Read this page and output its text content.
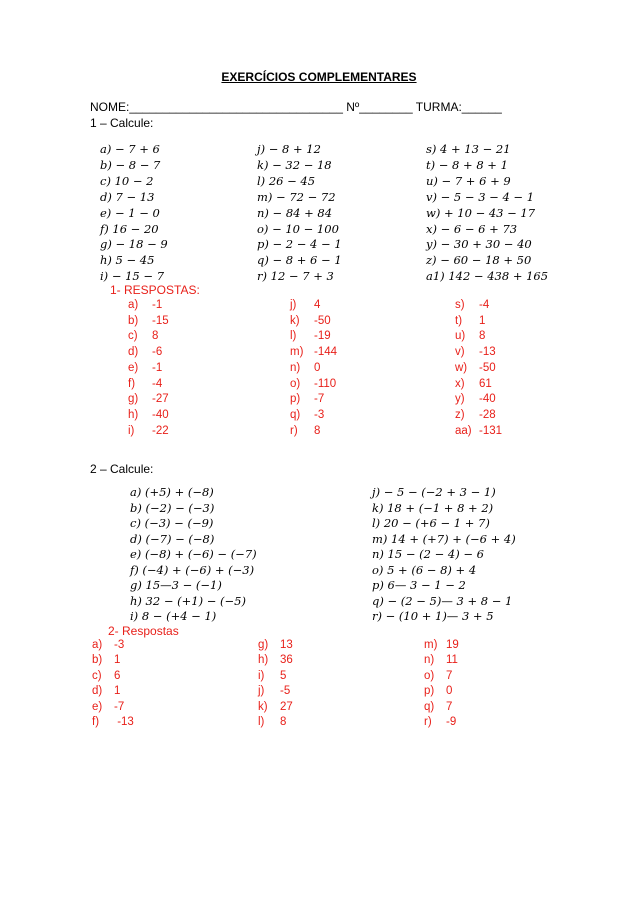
EXERCÍCIOS COMPLEMENTARES
NOME:________________________________ Nº________ TURMA:______
1 – Calcule:
𝑎) − 7 + 6
𝑏) − 8 − 7
𝑐) 10 − 2
𝑑) 7 − 13
𝑒) − 1 − 0
𝑓) 16 − 20
𝑔) − 18 − 9
ℎ) 5 − 45
𝑖) − 15 − 7
𝑗) − 8 + 12
𝑘) − 32 − 18
𝑙) 26 − 45
𝑚) − 72 − 72
𝑛) − 84 + 84
𝑜) − 10 − 100
𝑝) − 2 − 4 − 1
𝑞) − 8 + 6 − 1
𝑟) 12 − 7 + 3
𝑠) 4 + 13 − 21
𝑡) − 8 + 8 + 1
𝑢) − 7 + 6 + 9
𝑣) − 5 − 3 − 4 − 1
𝑤) + 10 − 43 − 17
𝑥) − 6 − 6 + 73
𝑦) − 30 + 30 − 40
𝑧) − 60 − 18 + 50
𝑎1) 142 − 438 + 165
1- RESPOSTAS:
a) -1
b) -15
c) 8
d) -6
e) -1
f) -4
g) -27
h) -40
i) -22
j) 4
k) -50
l) -19
m) -144
n) 0
o) -110
p) -7
q) -3
r) 8
s) -4
t) 1
u) 8
v) -13
w) -50
x) 61
y) -40
z) -28
aa) -131
2 – Calcule:
𝑎) (+5) + (−8)
𝑏) (−2) − (−3)
𝑐) (−3) − (−9)
𝑑) (−7) − (−8)
𝑒) (−8) + (−6) − (−7)
𝑓) (−4) + (−6) + (−3)
𝑔) 15—3 − (−1)
ℎ) 32 − (+1) − (−5)
𝑖) 8 − (+4 − 1)
𝑗) − 5 − (−2 + 3 − 1)
𝑘) 18 + (−1 + 8 + 2)
𝑙) 20 − (+6 − 1 + 7)
𝑚) 14 + (+7) + (−6 + 4)
𝑛) 15 − (2 − 4) − 6
𝑜) 5 + (6 − 8) + 4
𝑝) 6— 3 − 1 − 2
𝑞) − (2 − 5)— 3 + 8 − 1
𝑟) − (10 + 1)— 3 + 5
2- Respostas
a) -3
b) 1
c) 6
d) 1
e) -7
f) -13
g) 13
h) 36
i) 5
j) -5
k) 27
l) 8
m) 19
n) 11
o) 7
p) 0
q) 7
r) -9
